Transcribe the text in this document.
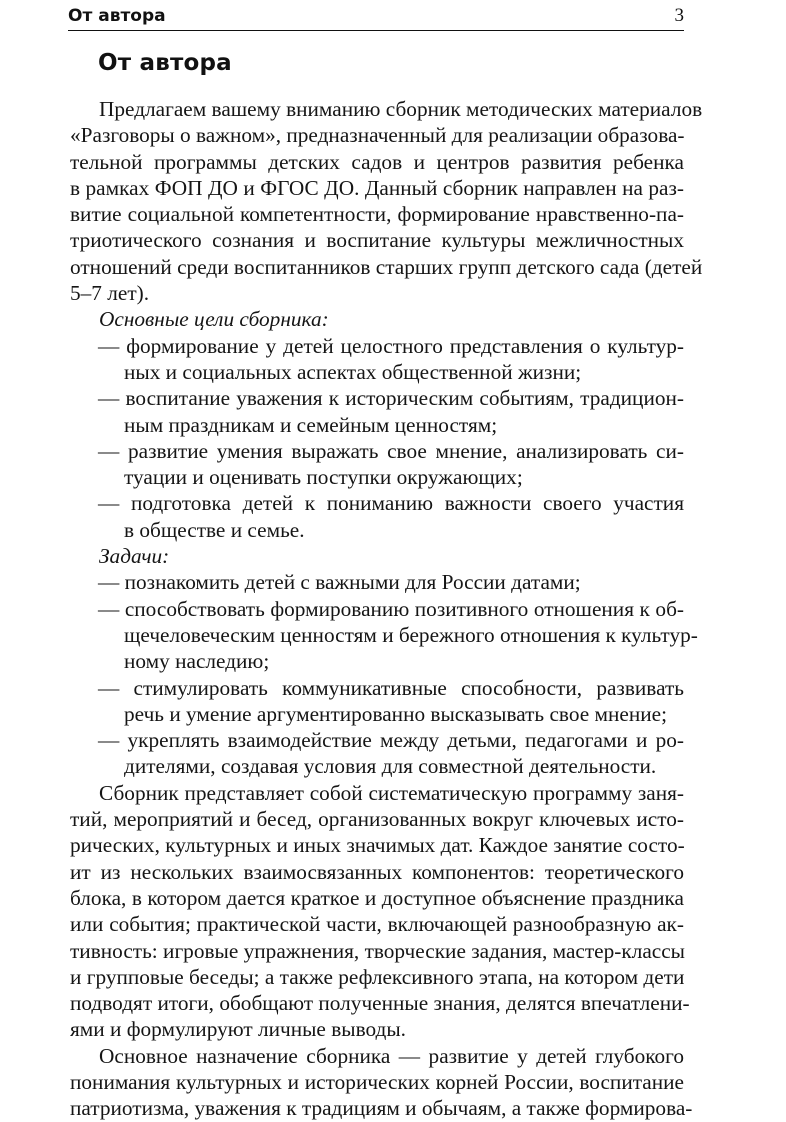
От автора	3
От автора
Предлагаем вашему вниманию сборник методических материалов
«Разговоры о важном», предназначенный для реализации образова-
тельной программы детских садов и центров развития ребенка
в рамках ФОП ДО и ФГОС ДО. Данный сборник направлен на раз-
витие социальной компетентности, формирование нравственно-па-
триотического сознания и воспитание культуры межличностных
отношений среди воспитанников старших групп детского сада (детей
5–7 лет).
Основные цели сборника:
— формирование у детей целостного представления о культур-
ных и социальных аспектах общественной жизни;
— воспитание уважения к историческим событиям, традицион-
ным праздникам и семейным ценностям;
— развитие умения выражать свое мнение, анализировать си-
туации и оценивать поступки окружающих;
— подготовка детей к пониманию важности своего участия
в обществе и семье.
Задачи:
— познакомить детей с важными для России датами;
— способствовать формированию позитивного отношения к об-
щечеловеческим ценностям и бережного отношения к культур-
ному наследию;
— стимулировать коммуникативные способности, развивать
речь и умение аргументированно высказывать свое мнение;
— укреплять взаимодействие между детьми, педагогами и ро-
дителями, создавая условия для совместной деятельности.
Сборник представляет собой систематическую программу заня-
тий, мероприятий и бесед, организованных вокруг ключевых исто-
рических, культурных и иных значимых дат. Каждое занятие состо-
ит из нескольких взаимосвязанных компонентов: теоретического
блока, в котором дается краткое и доступное объяснение праздника
или события; практической части, включающей разнообразную ак-
тивность: игровые упражнения, творческие задания, мастер-классы
и групповые беседы; а также рефлексивного этапа, на котором дети
подводят итоги, обобщают полученные знания, делятся впечатлени-
ями и формулируют личные выводы.
Основное назначение сборника — развитие у детей глубокого
понимания культурных и исторических корней России, воспитание
патриотизма, уважения к традициям и обычаям, а также формирова-
